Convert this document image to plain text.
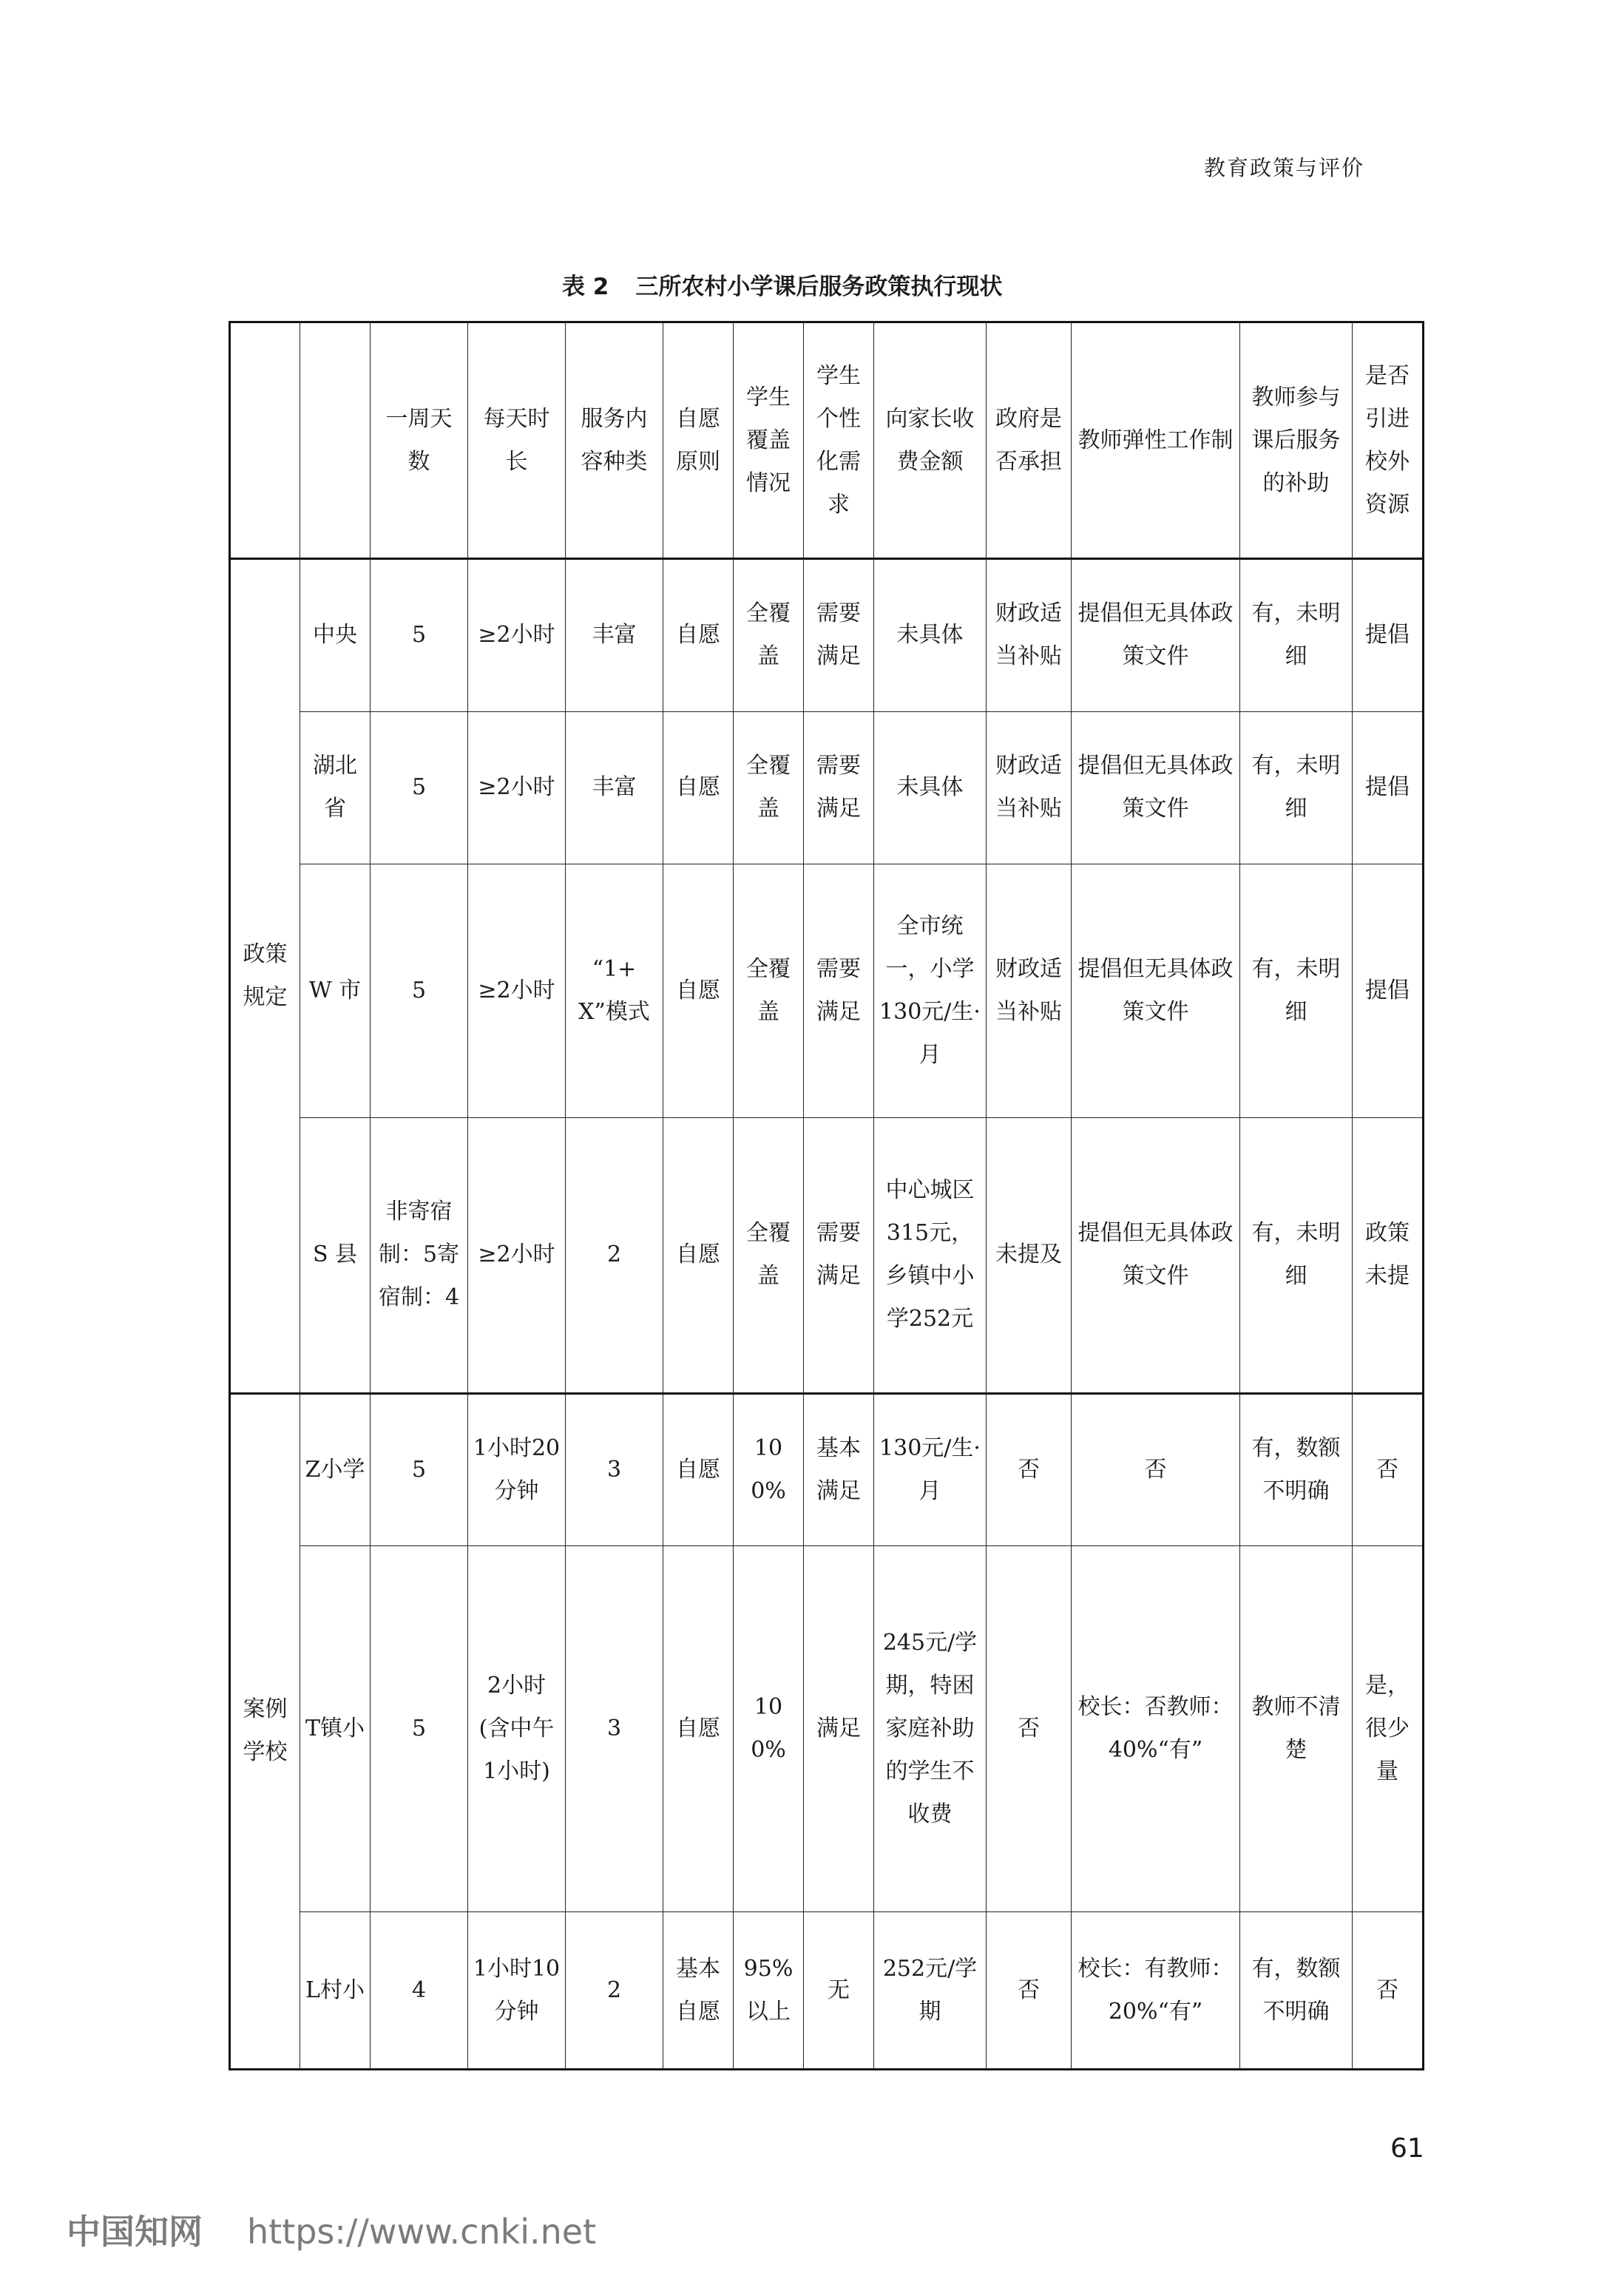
教育政策与评价
表 2 三所农村小学课后服务政策执行现状
		一周天数	每天时长	服务内容种类	自愿原则	学生覆盖情况	学生个性化需求	向家长收费金额	政府是否承担	教师弹性工作制	教师参与课后服务的补助	是否引进校外资源
政策规定	中央	5	≥2小时	丰富	自愿	全覆盖	需要满足	未具体	财政适当补贴	提倡但无具体政策文件	有，未明细	提倡
	湖北省	5	≥2小时	丰富	自愿	全覆盖	需要满足	未具体	财政适当补贴	提倡但无具体政策文件	有，未明细	提倡
	W 市	5	≥2小时	“1+X”模式	自愿	全覆盖	需要满足	全市统一，小学130元/生·月	财政适当补贴	提倡但无具体政策文件	有，未明细	提倡
	S 县	非寄宿制：5寄宿制：4	≥2小时	2	自愿	全覆盖	需要满足	中心城区315元，乡镇中小学252元	未提及	提倡但无具体政策文件	有，未明细	政策未提
案例学校	Z小学	5	1小时20分钟	3	自愿	100%	基本满足	130元/生·月	否	否	有，数额不明确	否
	T镇小	5	2小时(含中午1小时)	3	自愿	100%	满足	245元/学期，特困家庭补助的学生不收费	否	校长：否教师：40%“有”	教师不清楚	是，很少量
	L村小	4	1小时10分钟	2	基本自愿	95%以上	无	252元/学期	否	校长：有教师：20%“有”	有，数额不明确	否
61
中国知网 https://www.cnki.net
